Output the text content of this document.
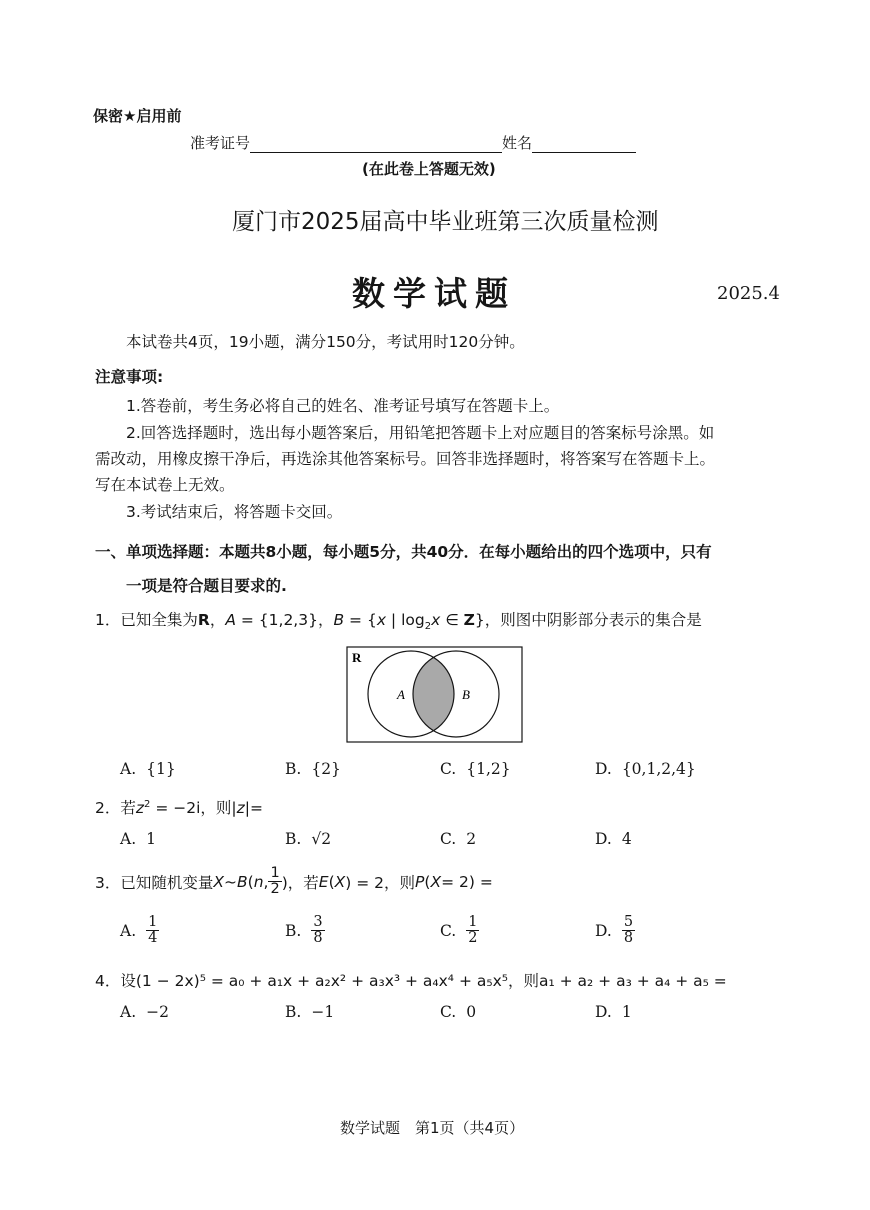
保密★启用前
准考证号	姓名
(在此卷上答题无效)
厦门市2025届高中毕业班第三次质量检测
数学试题	2025.4
本试卷共4页，19小题，满分150分，考试用时120分钟。
注意事项:
1.答卷前，考生务必将自己的姓名、准考证号填写在答题卡上。
2.回答选择题时，选出每小题答案后，用铅笔把答题卡上对应题目的答案标号涂黑。如
需改动，用橡皮擦干净后，再选涂其他答案标号。回答非选择题时，将答案写在答题卡上。
写在本试卷上无效。
3.考试结束后，将答题卡交回。
一、单项选择题：本题共8小题，每小题5分，共40分．在每小题给出的四个选项中，只有
一项是符合题目要求的.
1．已知全集为R，A = {1,2,3}，B = {x | $\log_2x$ ∈ Z}，则图中阴影部分表示的集合是
R
A	B
A. {1}	B. {2}	C. {1,2}	D. {0,1,2,4}
2．若$z^2 = -2i$，则|z|=
A. 1	B. √2	C. 2	D. 4
3． 已知随机变量 X ~ B ( n , $\frac{1}{2}$ )，若 E ( X ) = 2，则 P ( X = 2) =
A. $\frac{1}{4}$	B. $\frac{3}{8}$	C. $\frac{1}{2}$	D. $\frac{5}{8}$
4．设(1 − 2x)⁵ = a₀ + a₁x + a₂x² + a₃x³ + a₄x⁴ + a₅x⁵，则a₁ + a₂ + a₃ + a₄ + a₅ =
A. −2	B. −1	C. 0	D. 1
数学试题　第1页（共4页）
